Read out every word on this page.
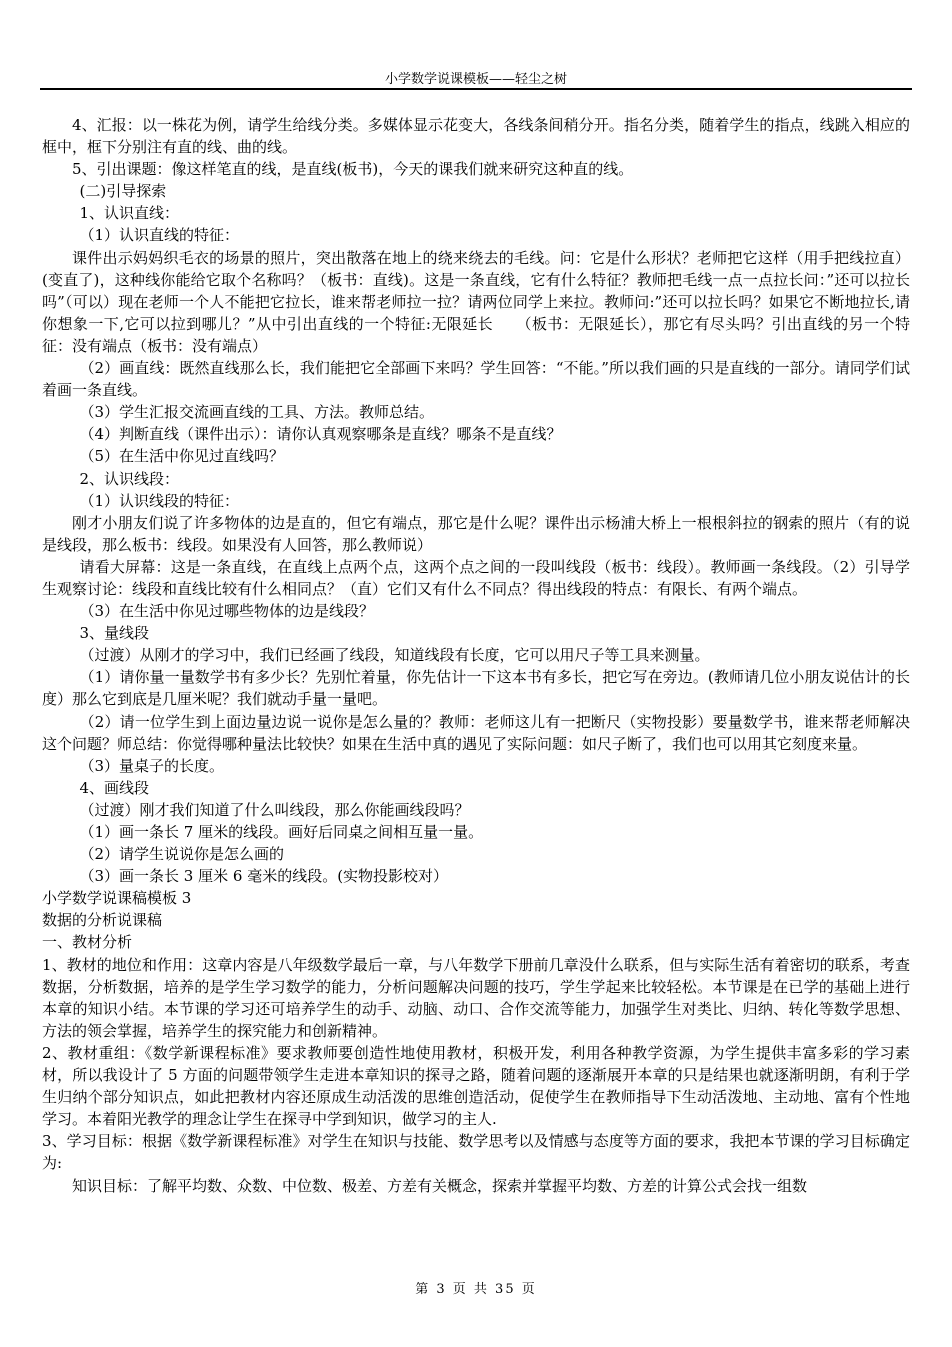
小学数学说课模板——轻尘之树

4、汇报：以一株花为例，请学生给线分类。多媒体显示花变大，各线条间稍分开。指名分类，随着学生的指点，线跳入相应的框中，框下分别注有直的线、曲的线。

5、引出课题：像这样笔直的线，是直线(板书)，今天的课我们就来研究这种直的线。

(二)引导探索

1、认识直线：

（1）认识直线的特征：

课件出示妈妈织毛衣的场景的照片，突出散落在地上的绕来绕去的毛线。问：它是什么形状？老师把它这样（用手把线拉直）(变直了)，这种线你能给它取个名称吗？（板书：直线)。这是一条直线，它有什么特征？教师把毛线一点一点拉长问：”还可以拉长吗”（可以）现在老师一个人不能把它拉长，谁来帮老师拉一拉？请两位同学上来拉。教师问:”还可以拉长吗？如果它不断地拉长,请你想象一下,它可以拉到哪儿？”从中引出直线的一个特征:无限延长　　（板书：无限延长），那它有尽头吗？引出直线的另一个特征：没有端点（板书：没有端点）

（2）画直线：既然直线那么长，我们能把它全部画下来吗？学生回答：“不能。”所以我们画的只是直线的一部分。请同学们试着画一条直线。

（3）学生汇报交流画直线的工具、方法。教师总结。

（4）判断直线（课件出示）：请你认真观察哪条是直线？哪条不是直线？

（5）在生活中你见过直线吗？

2、认识线段：

（1）认识线段的特征：

刚才小朋友们说了许多物体的边是直的，但它有端点，那它是什么呢？课件出示杨浦大桥上一根根斜拉的钢索的照片（有的说是线段，那么板书：线段。如果没有人回答，那么教师说）

请看大屏幕：这是一条直线，在直线上点两个点，这两个点之间的一段叫线段（板书：线段）。教师画一条线段。（2）引导学生观察讨论：线段和直线比较有什么相同点？（直）它们又有什么不同点？得出线段的特点：有限长、有两个端点。

（3）在生活中你见过哪些物体的边是线段？

3、量线段

（过渡）从刚才的学习中，我们已经画了线段，知道线段有长度，它可以用尺子等工具来测量。

（1）请你量一量数学书有多少长？先别忙着量，你先估计一下这本书有多长，把它写在旁边。(教师请几位小朋友说估计的长度）那么它到底是几厘米呢？我们就动手量一量吧。

（2）请一位学生到上面边量边说一说你是怎么量的？教师：老师这儿有一把断尺（实物投影）要量数学书，谁来帮老师解决这个问题？师总结：你觉得哪种量法比较快？如果在生活中真的遇见了实际问题：如尺子断了，我们也可以用其它刻度来量。

（3）量桌子的长度。

4、画线段

（过渡）刚才我们知道了什么叫线段，那么你能画线段吗？

（1）画一条长 7 厘米的线段。画好后同桌之间相互量一量。

（2）请学生说说你是怎么画的

（3）画一条长 3 厘米 6 毫米的线段。(实物投影校对）

小学数学说课稿模板 3

数据的分析说课稿

一、教材分析

1、教材的地位和作用：这章内容是八年级数学最后一章，与八年数学下册前几章没什么联系，但与实际生活有着密切的联系，考查数据，分析数据，培养的是学生学习数学的能力，分析问题解决问题的技巧，学生学起来比较轻松。本节课是在已学的基础上进行本章的知识小结。本节课的学习还可培养学生的动手、动脑、动口、合作交流等能力，加强学生对类比、归纳、转化等数学思想、方法的领会掌握，培养学生的探究能力和创新精神。

2、教材重组：《数学新课程标准》要求教师要创造性地使用教材，积极开发，利用各种教学资源，为学生提供丰富多彩的学习素材，所以我设计了 5 方面的问题带领学生走进本章知识的探寻之路，随着问题的逐渐展开本章的只是结果也就逐渐明朗，有利于学生归纳个部分知识点，如此把教材内容还原成生动活泼的思维创造活动，促使学生在教师指导下生动活泼地、主动地、富有个性地学习。本着阳光教学的理念让学生在探寻中学到知识，做学习的主人.

3、学习目标：根据《数学新课程标准》对学生在知识与技能、数学思考以及情感与态度等方面的要求，我把本节课的学习目标确定为:

知识目标：了解平均数、众数、中位数、极差、方差有关概念，探索并掌握平均数、方差的计算公式会找一组数

第 3 页 共 35 页
